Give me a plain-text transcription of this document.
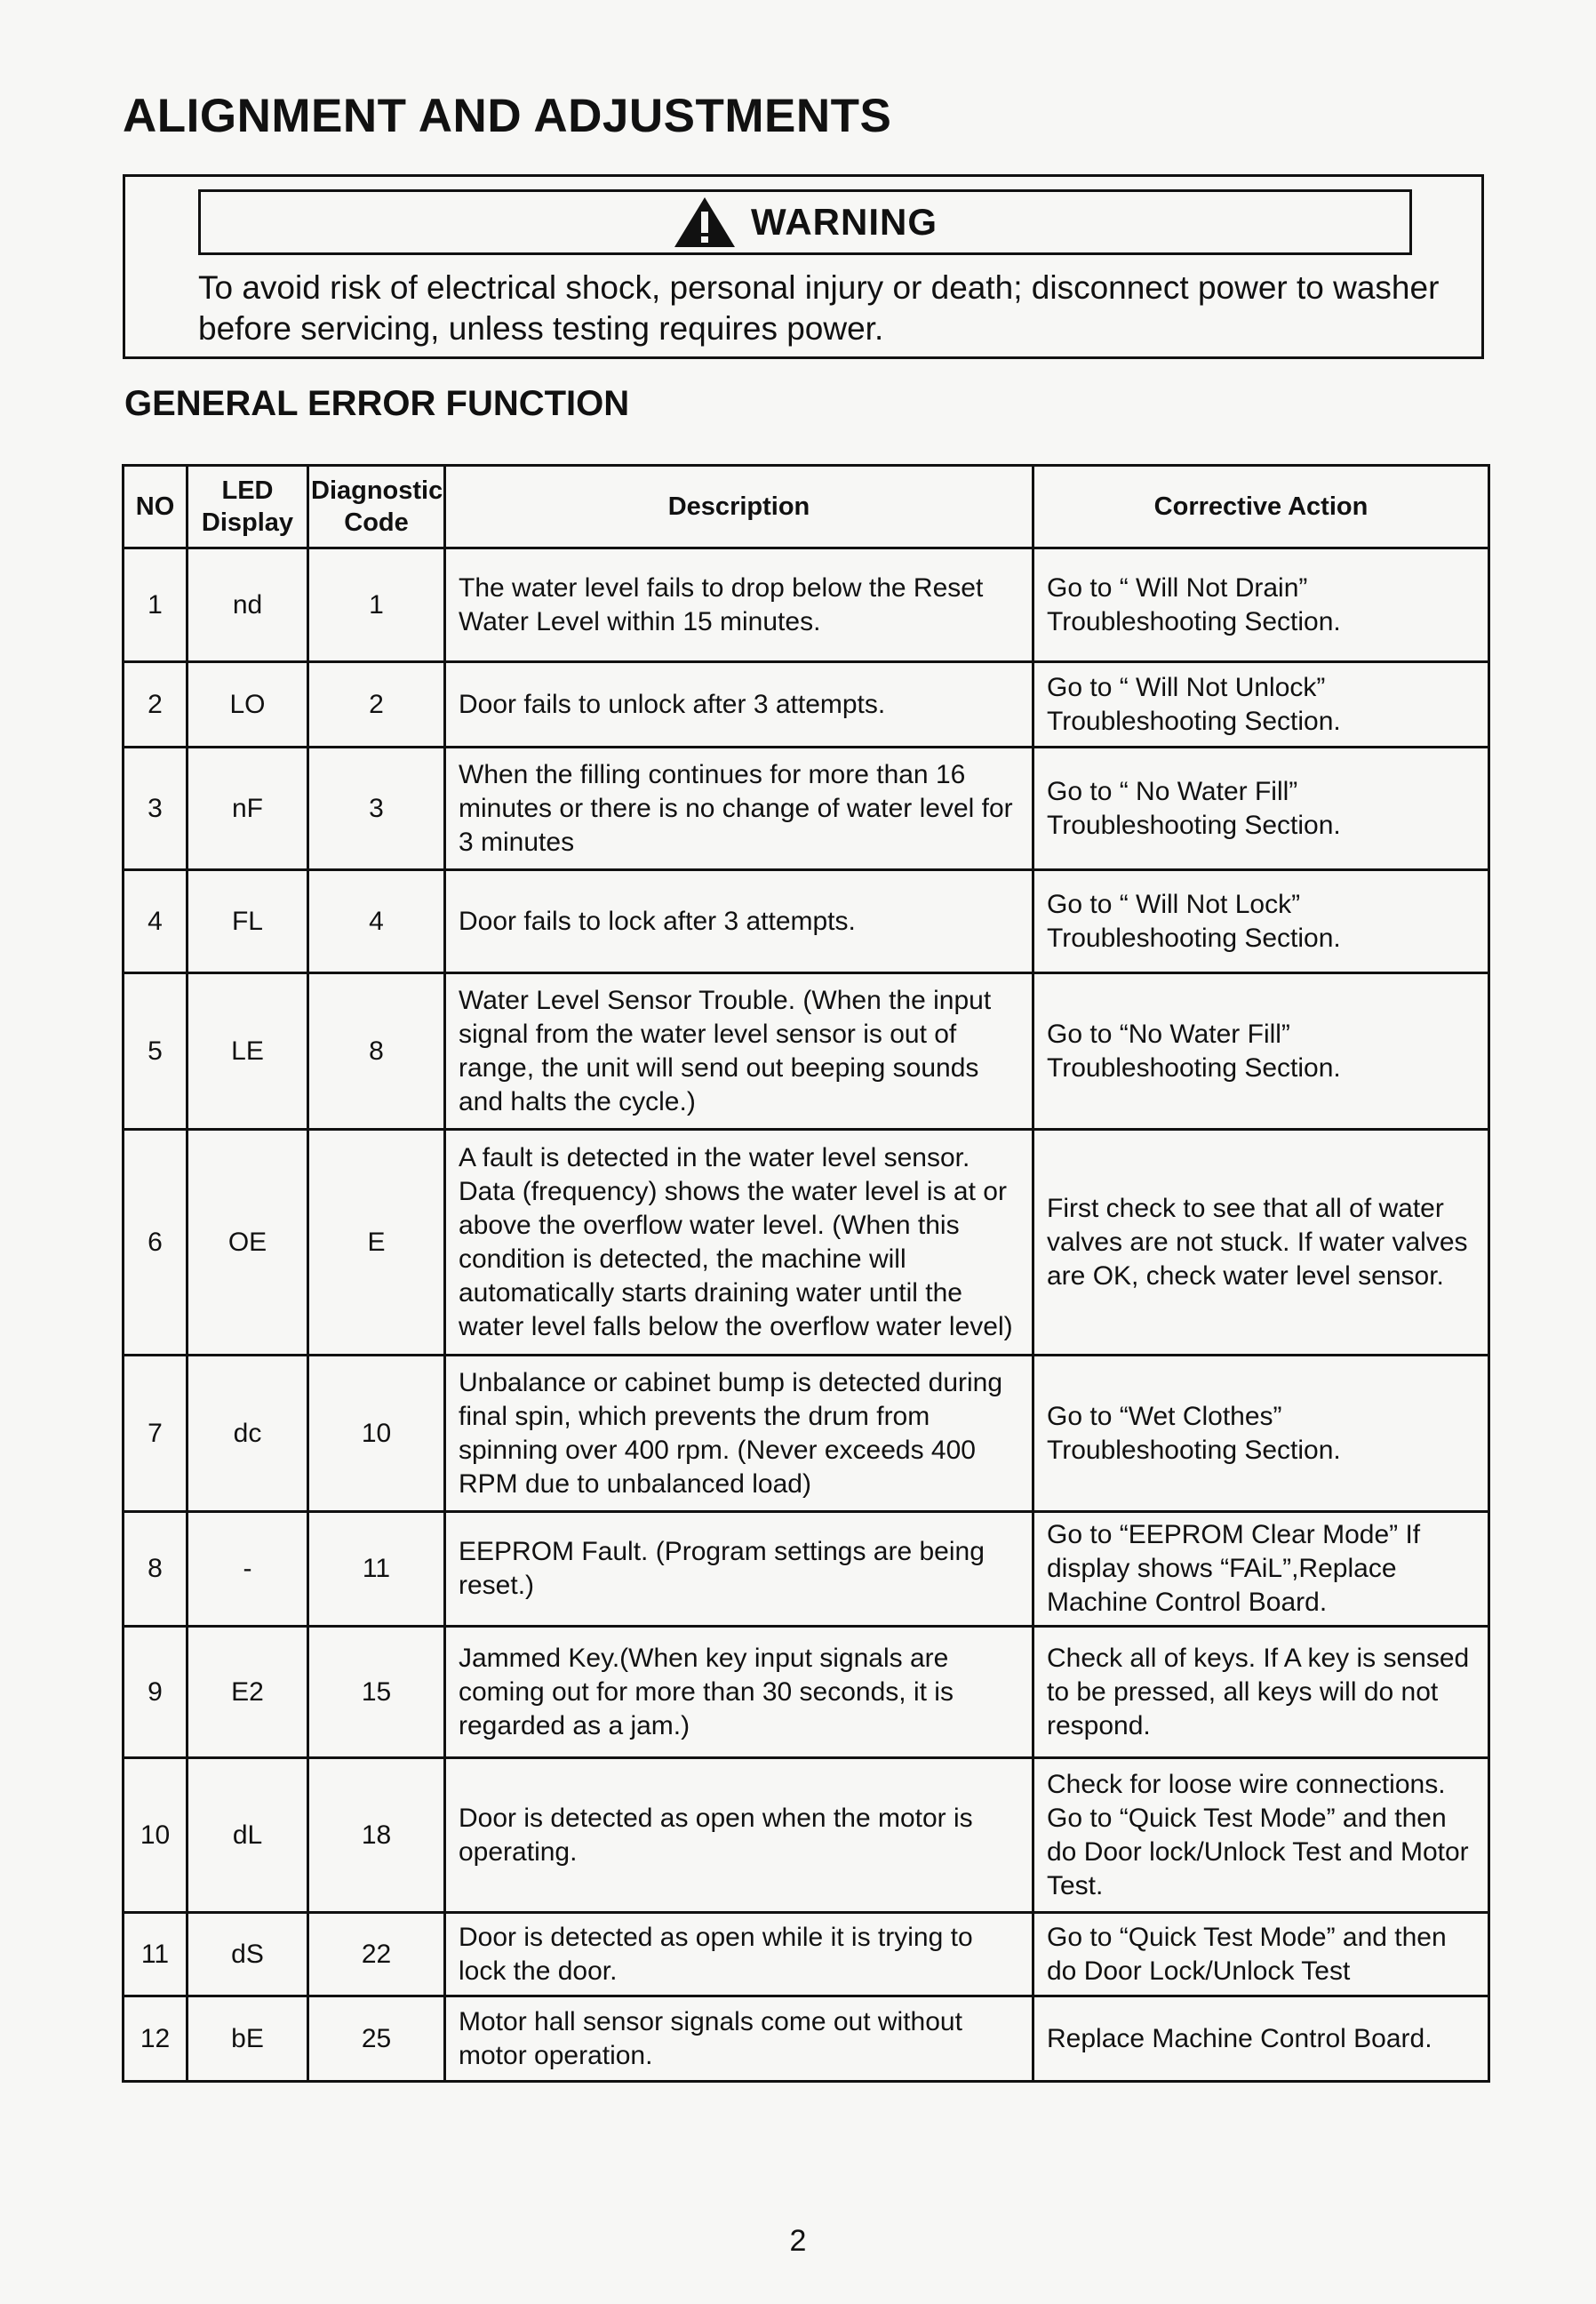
ALIGNMENT AND ADJUSTMENTS
WARNING
To avoid risk of electrical shock, personal injury or death; disconnect power to washer before servicing, unless testing requires power.
GENERAL ERROR FUNCTION
NO	LED Display	Diagnostic Code	Description	Corrective Action
1	nd	1	The water level fails to drop below the Reset Water Level within 15 minutes.	Go to “ Will Not Drain” Troubleshooting Section.
2	LO	2	Door fails to unlock after 3 attempts.	Go to “ Will Not Unlock” Troubleshooting Section.
3	nF	3	When the filling continues for more than 16 minutes or there is no change of water level for 3 minutes	Go to “ No Water Fill” Troubleshooting Section.
4	FL	4	Door fails to lock after 3 attempts.	Go to “ Will Not Lock” Troubleshooting Section.
5	LE	8	Water Level Sensor Trouble. (When the input signal from the water level sensor is out of range, the unit will send out beeping sounds and halts the cycle.)	Go to “No Water Fill” Troubleshooting Section.
6	OE	E	A fault is detected in the water level sensor. Data (frequency) shows the water level is at or above the overflow water level. (When this condition is detected, the machine will automatically starts draining water until the water level falls below the overflow water level)	First check to see that all of water valves are not stuck. If water valves are OK, check water level sensor.
7	dc	10	Unbalance or cabinet bump is detected during final spin, which prevents the drum from spinning over 400 rpm. (Never exceeds 400 RPM due to unbalanced load)	Go to “Wet Clothes” Troubleshooting Section.
8	-	11	EEPROM Fault. (Program settings are being reset.)	Go to “EEPROM Clear Mode” If display shows “FAiL”,Replace Machine Control Board.
9	E2	15	Jammed Key.(When key input signals are coming out for more than 30 seconds, it is regarded as a jam.)	Check all of keys. If A key is sensed to be pressed, all keys will do not respond.
10	dL	18	Door is detected as open when the motor is operating.	Check for loose wire connections. Go to “Quick Test Mode” and then do Door lock/Unlock Test and Motor Test.
11	dS	22	Door is detected as open while it is trying to lock the door.	Go to “Quick Test Mode” and then do Door Lock/Unlock Test
12	bE	25	Motor hall sensor signals come out without motor operation.	Replace Machine Control Board.
2
